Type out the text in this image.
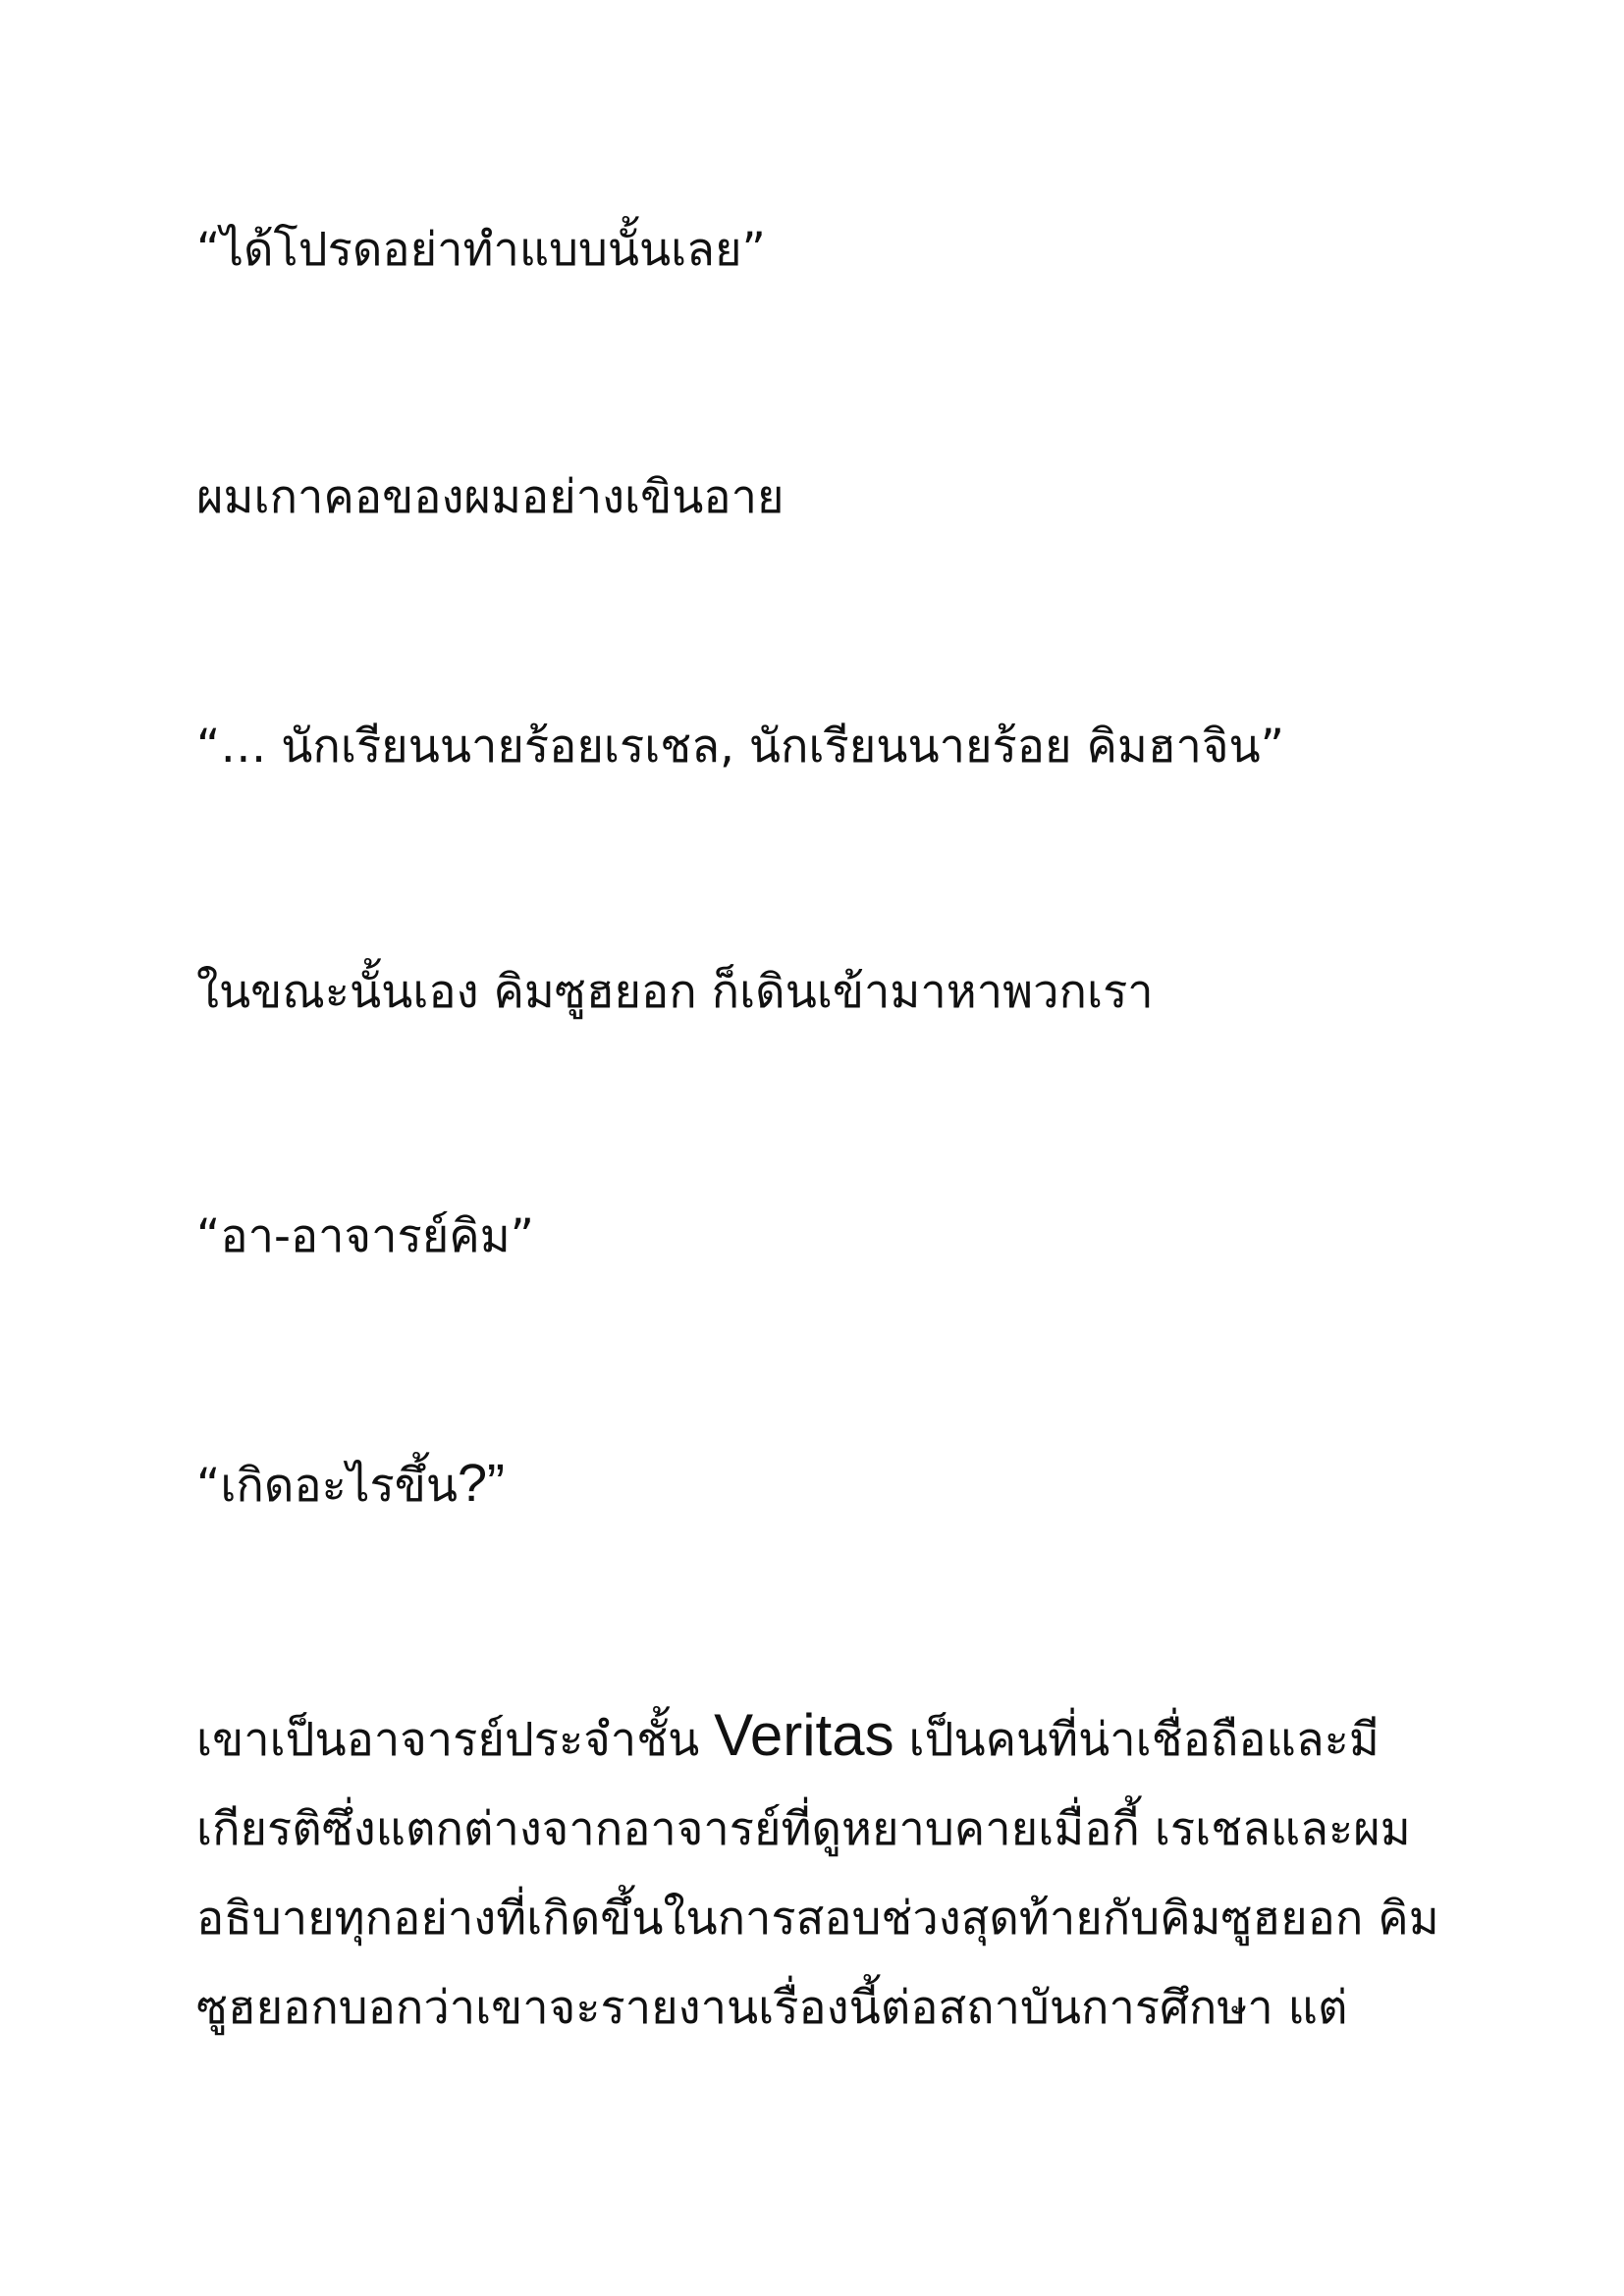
“ได้โปรดอย่าทำแบบนั้นเลย”

ผมเกาคอของผมอย่างเขินอาย

“… นักเรียนนายร้อยเรเชล, นักเรียนนายร้อย คิมฮาจิน”

ในขณะนั้นเอง คิมซูฮยอก ก็เดินเข้ามาหาพวกเรา

“อา-อาจารย์คิม”

“เกิดอะไรขึ้น?”

เขาเป็นอาจารย์ประจำชั้น Veritas เป็นคนที่น่าเชื่อถือและมี
เกียรติซึ่งแตกต่างจากอาจารย์ที่ดูหยาบคายเมื่อกี้ เรเชลและผม
อธิบายทุกอย่างที่เกิดขึ้นในการสอบช่วงสุดท้ายกับคิมซูฮยอก คิม
ซูฮยอกบอกว่าเขาจะรายงานเรื่องนี้ต่อสถาบันการศึกษา แต่
